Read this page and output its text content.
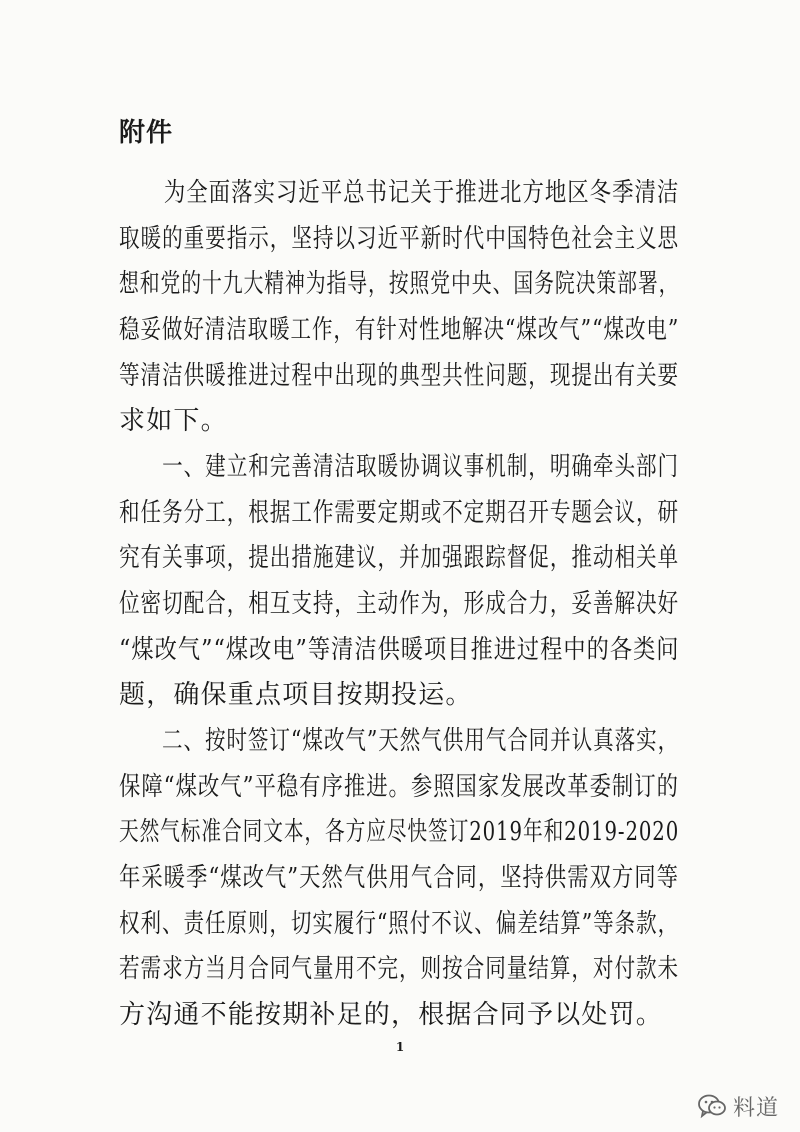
附件
　　为全面落实习近平总书记关于推进北方地区冬季清洁
取暖的重要指示，坚持以习近平新时代中国特色社会主义思
想和党的十九大精神为指导，按照党中央、国务院决策部署，
稳妥做好清洁取暖工作，有针对性地解决“煤改气”“煤改电”
等清洁供暖推进过程中出现的典型共性问题，现提出有关要
求如下。
　　一、建立和完善清洁取暖协调议事机制，明确牵头部门
和任务分工，根据工作需要定期或不定期召开专题会议，研
究有关事项，提出措施建议，并加强跟踪督促，推动相关单
位密切配合，相互支持，主动作为，形成合力，妥善解决好
“煤改气”“煤改电”等清洁供暖项目推进过程中的各类问
题，确保重点项目按期投运。
　　二、按时签订“煤改气”天然气供用气合同并认真落实，
保障“煤改气”平稳有序推进。参照国家发展改革委制订的
天然气标准合同文本，各方应尽快签订2019年和2019-2020
年采暖季“煤改气”天然气供用气合同，坚持供需双方同等
权利、责任原则，切实履行“照付不议、偏差结算”等条款，
若需求方当月合同气量用不完，则按合同量结算，对付款未
1
料道
方沟通不能按期补足的，根据合同予以处罚。
